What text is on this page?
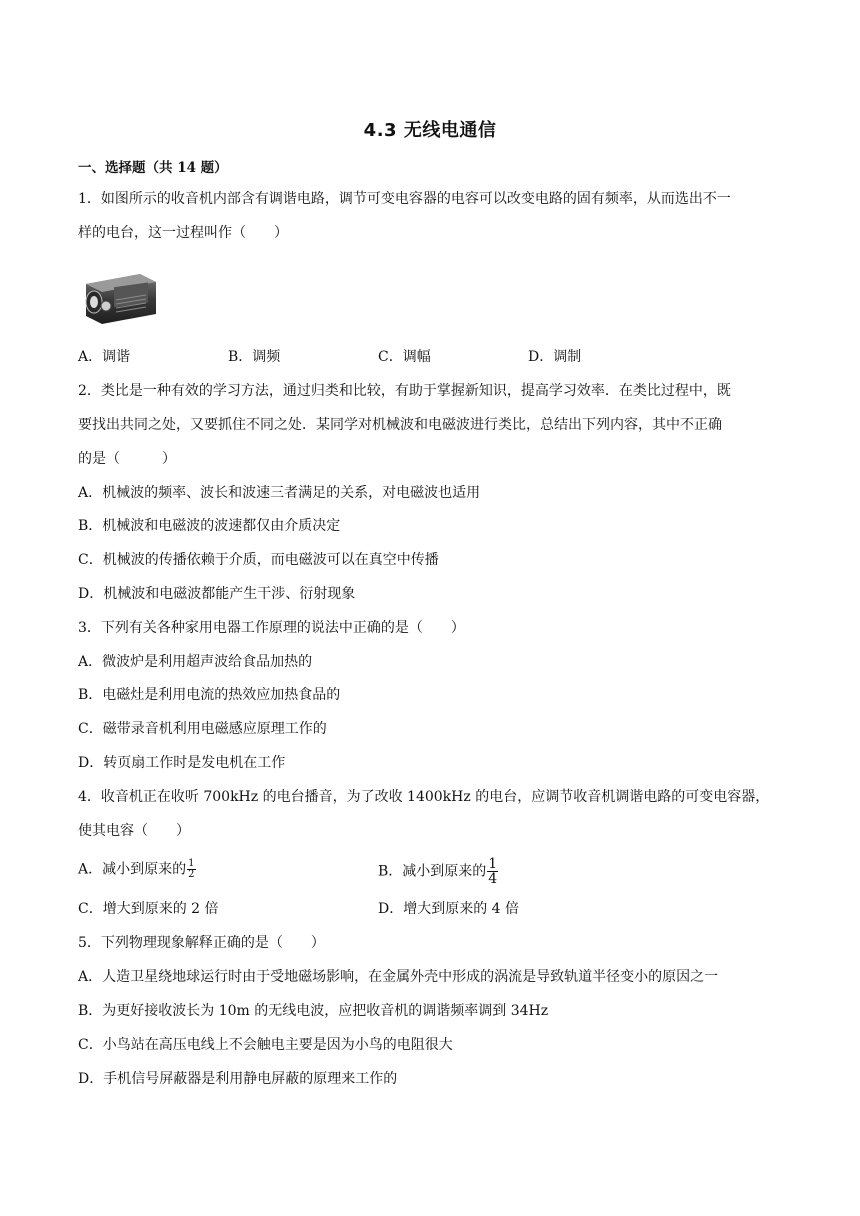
4.3 无线电通信
一、选择题（共 14 题）
1．如图所示的收音机内部含有调谐电路，调节可变电容器的电容可以改变电路的固有频率，从而选出不一
样的电台，这一过程叫作（　　）
A．调谐	B．调频	C．调幅	D．调制
2．类比是一种有效的学习方法，通过归类和比较，有助于掌握新知识，提高学习效率．在类比过程中，既
要找出共同之处，又要抓住不同之处．某同学对机械波和电磁波进行类比，总结出下列内容，其中不正确
的是（　　　）
A．机械波的频率、波长和波速三者满足的关系，对电磁波也适用
B．机械波和电磁波的波速都仅由介质决定
C．机械波的传播依赖于介质，而电磁波可以在真空中传播
D．机械波和电磁波都能产生干涉、衍射现象
3．下列有关各种家用电器工作原理的说法中正确的是（　　）
A．微波炉是利用超声波给食品加热的
B．电磁灶是利用电流的热效应加热食品的
C．磁带录音机利用电磁感应原理工作的
D．转页扇工作时是发电机在工作
4．收音机正在收听 700kHz 的电台播音，为了改收 1400kHz 的电台，应调节收音机调谐电路的可变电容器，
使其电容（　　）
A．减小到原来的 $\frac{1}{2}$	B．减小到原来的 $\frac{1}{4}$
C．增大到原来的 2 倍	D．增大到原来的 4 倍
5．下列物理现象解释正确的是（　　）
A．人造卫星绕地球运行时由于受地磁场影响，在金属外壳中形成的涡流是导致轨道半径变小的原因之一
B．为更好接收波长为 10m 的无线电波，应把收音机的调谐频率调到 34Hz
C．小鸟站在高压电线上不会触电主要是因为小鸟的电阻很大
D．手机信号屏蔽器是利用静电屏蔽的原理来工作的
